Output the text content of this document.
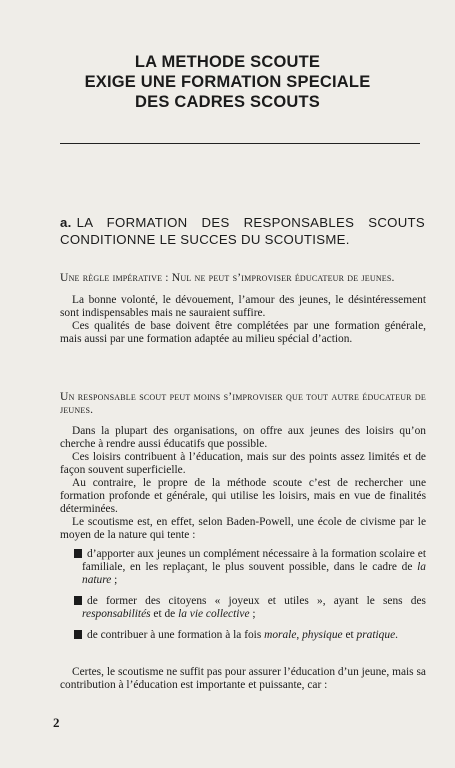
LA METHODE SCOUTE
EXIGE UNE FORMATION SPECIALE
DES CADRES SCOUTS
a. LA FORMATION DES RESPONSABLES SCOUTS CONDITIONNE LE SUCCES DU SCOUTISME.
Une règle impérative : Nul ne peut s’improviser éducateur de jeunes.

La bonne volonté, le dévouement, l’amour des jeunes, le désintéressement sont indispensables mais ne sauraient suffire.

Ces qualités de base doivent être complétées par une formation générale, mais aussi par une formation adaptée au milieu spécial d’action.

Un responsable scout peut moins s’improviser que tout autre éducateur de jeunes.

Dans la plupart des organisations, on offre aux jeunes des loisirs qu’on cherche à rendre aussi éducatifs que possible.

Ces loisirs contribuent à l’éducation, mais sur des points assez limités et de façon souvent superficielle.

Au contraire, le propre de la méthode scoute c’est de rechercher une formation profonde et générale, qui utilise les loisirs, mais en vue de finalités déterminées.

Le scoutisme est, en effet, selon Baden-Powell, une école de civisme par le moyen de la nature qui tente :

d’apporter aux jeunes un complément nécessaire à la formation scolaire et familiale, en les replaçant, le plus souvent possible, dans le cadre de la nature ;

de former des citoyens « joyeux et utiles », ayant le sens des responsabilités et de la vie collective ;

de contribuer à une formation à la fois morale, physique et pratique.

Certes, le scoutisme ne suffit pas pour assurer l’éducation d’un jeune, mais sa contribution à l’éducation est importante et puissante, car :

2
